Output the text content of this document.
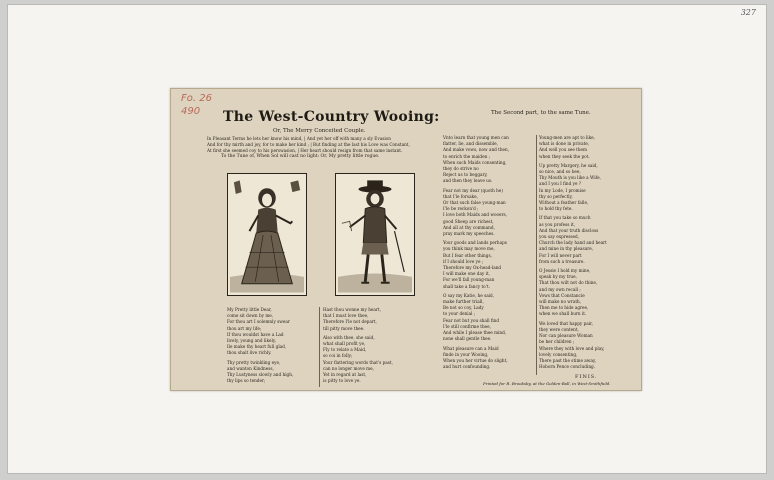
327
Fo. 26
490 The West-Country Wooing:
Or, The Merry Conceited Couple.
In Pleasant Terms he lets her know his mind, | And yet her off with many a sly Evasion
And for thy mirth and joy, for to make her kind ; | But finding at the last his Love was Constant,
At first she seemed coy to his perswasion, | Her heart should resign from that same instant.
To the Tune of, When Sol will cast no light: Or, My pretty little rogue.
My Pretty little Dear,
come sit down by me,
For thou art I solemnly swear
thou art my life;
If thou wouldst have a Lad
lively, young and likely,
Ile make thy heart full glad,
thou shalt live richly.
Thy pretty twinkling eye,
and wanton Kindness,
Thy Lustyness slowly and high,
thy lips so tender;
Hast thou wonne my heart,
that I must love thee,
Therefore I'le not depart,
till pitty move thee.
Also with thee, she said,
what shall profit ye,
Fly to relate a Maid,
so coi in folly;
Your flattering words that's past,
can no longer move me,
Yet in regard at last,
is pitty to love ye.
The Second part, to the same Tune.
Vnto learn that young men can
flatter, lie, and dissemble,
And make vows, now and then,
to enrich the maiden ;
When such Maids consenting,
they do strive no
Reject us to beggary,
and then they leave us.
Fear not my dear (quoth he)
that I'le forsake,
Or that such false young-man
I'le be reckon'd ;
I love both Maids and wooers,
good Sheep are richest,
And all at thy command,
pray mark my speeches.
Your goods and lands perhaps
you think may move me,
But I fear other things,
if I should love ye ;
Therefore my Ox-head-land
I will make one day it,
For we'll fall young-man
shall take a fancy to't.
O say my Katie, he said,
make further triall,
Be not so coy, Lady
to your denial ;
Fear not but you shall find
I'le still confirme thee,
And while I please thee mind,
none shall gentle thee.
What pleasure can a Maid
finde in your Wooing,
When you her virtue do slight,
and hurt confounding.
Young-men are apt to like,
what is done in private,
And well you see them
when they seek the pot.
Up pretty Margery, he said,
so nice, and so bee,
Thy Mouth is you like a Wife,
and I you I find ye ?
In my Lode, I promise
thy so perfectly,
Without a feather falle,
to hold thy fete.
If that you take so much
as you profess it,
And that your truth discloss
you say expressed,
Church the lady hand and heart
and mine in thy pleasure,
For I will never part
from such a treasure.
O Jessie I hold my mine,
speak by my true,
That thou wilt not do thine,
and my own recall ;
Vows that Constancie
will make no wrath,
Then me to hide agree,
when we shall burn it.
We loved that happy pair,
they were content,
Nor can pleasure Woman
be her children ;
Where they with love and play,
lovely consenting,
There past the stime away,
Hoborn Pence concluding.
FINIS.
Printed for R. Brooksby, at the Golden-Ball, in West-Smithfield.
